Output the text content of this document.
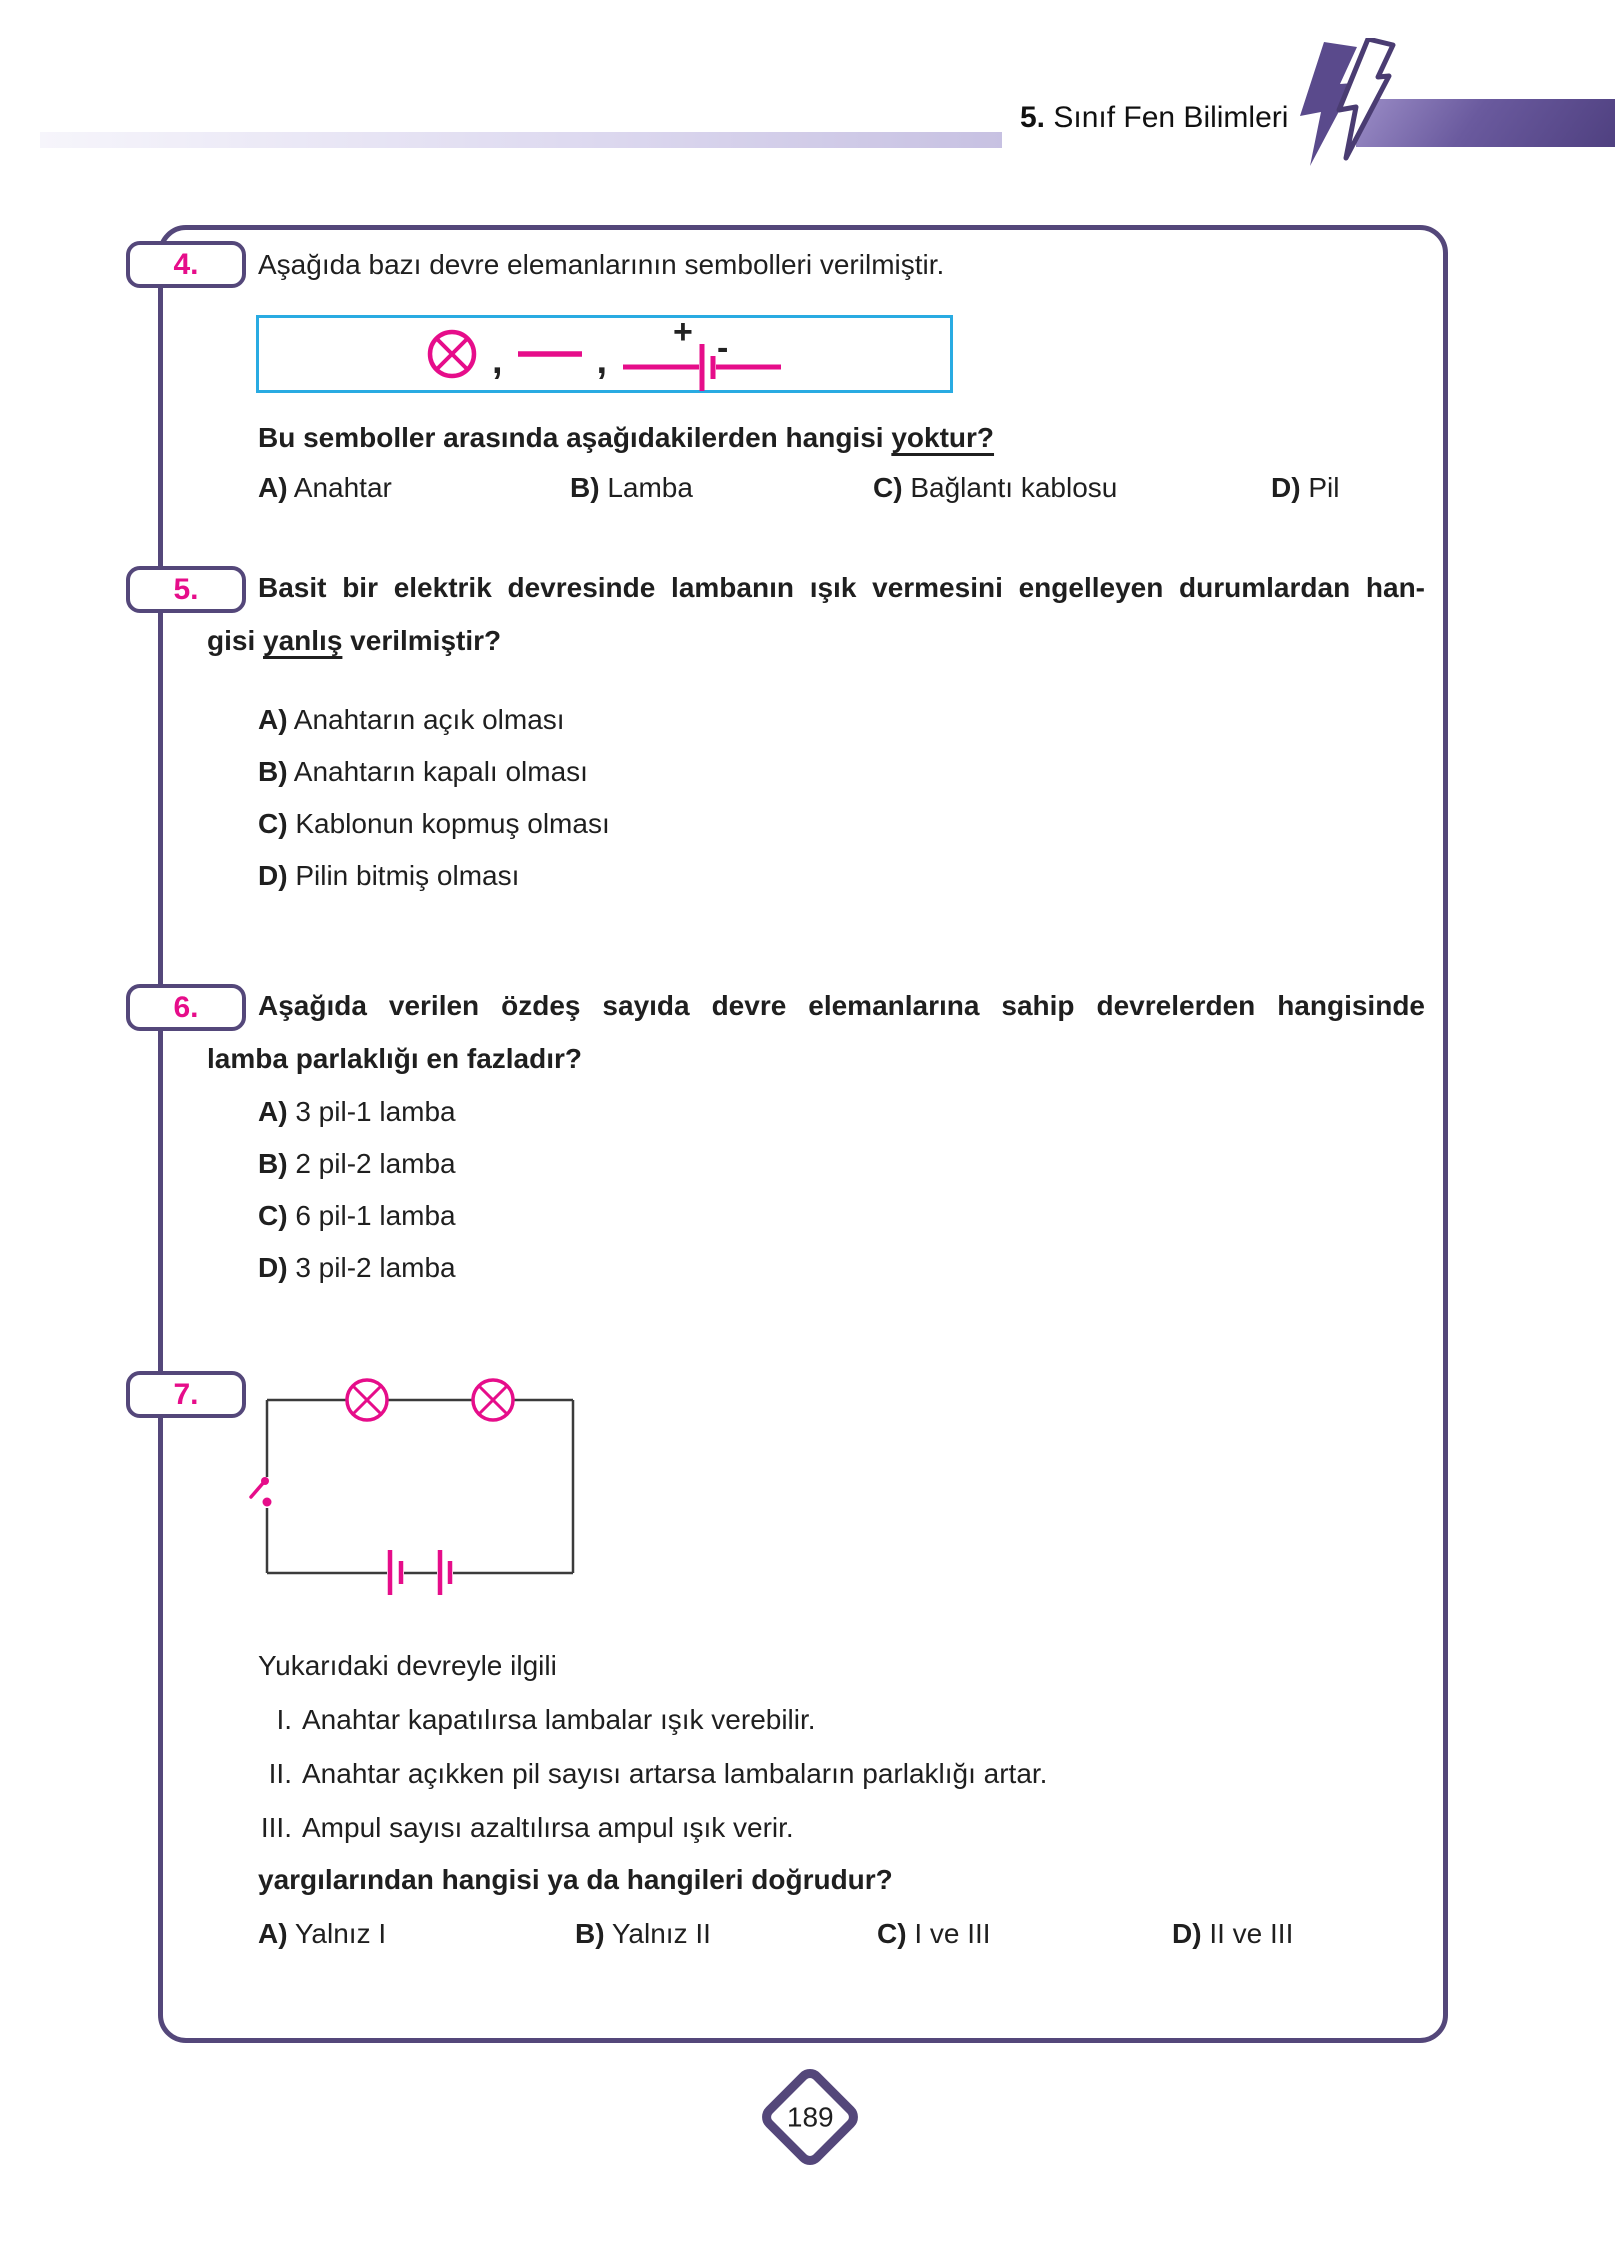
5. Sınıf Fen Bilimleri
4. Aşağıda bazı devre elemanlarının sembolleri verilmiştir.
, ,
+ -
Bu semboller arasında aşağıdakilerden hangisi yoktur?
A) Anahtar	B) Lamba	C) Bağlantı kablosu	D) Pil
5. Basit bir elektrik devresinde lambanın ışık vermesini engelleyen durumlardan han-
gisi yanlış verilmiştir?
A) Anahtarın açık olması
B) Anahtarın kapalı olması
C) Kablonun kopmuş olması
D) Pilin bitmiş olması
6. Aşağıda verilen özdeş sayıda devre elemanlarına sahip devrelerden hangisinde
lamba parlaklığı en fazladır?
A) 3 pil-1 lamba
B) 2 pil-2 lamba
C) 6 pil-1 lamba
D) 3 pil-2 lamba
7.
Yukarıdaki devreyle ilgili
I. Anahtar kapatılırsa lambalar ışık verebilir.
II. Anahtar açıkken pil sayısı artarsa lambaların parlaklığı artar.
III. Ampul sayısı azaltılırsa ampul ışık verir.
yargılarından hangisi ya da hangileri doğrudur?
A) Yalnız I	B) Yalnız II	C) I ve III	D) II ve III
189
